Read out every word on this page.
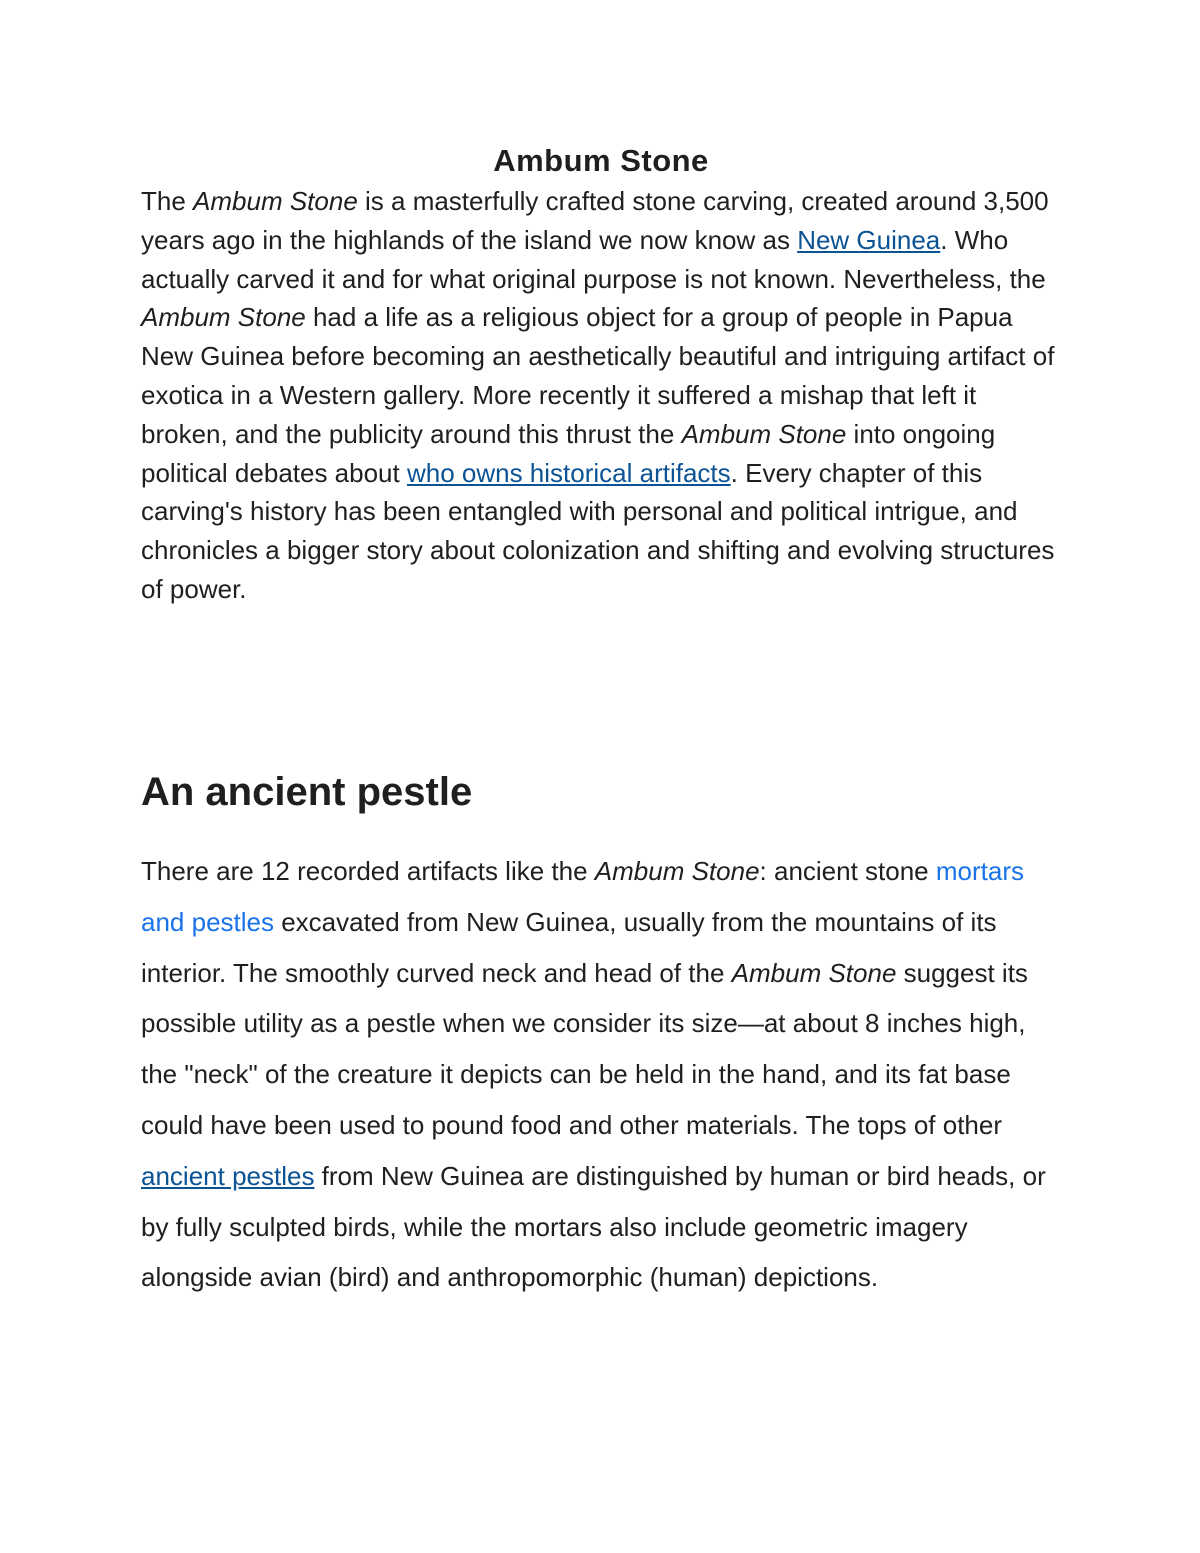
Ambum Stone

The Ambum Stone is a masterfully crafted stone carving, created around 3,500 years ago in the highlands of the island we now know as New Guinea. Who actually carved it and for what original purpose is not known. Nevertheless, the Ambum Stone had a life as a religious object for a group of people in Papua New Guinea before becoming an aesthetically beautiful and intriguing artifact of exotica in a Western gallery. More recently it suffered a mishap that left it broken, and the publicity around this thrust the Ambum Stone into ongoing political debates about who owns historical artifacts. Every chapter of this carving's history has been entangled with personal and political intrigue, and chronicles a bigger story about colonization and shifting and evolving structures of power.

An ancient pestle

There are 12 recorded artifacts like the Ambum Stone: ancient stone mortars and pestles excavated from New Guinea, usually from the mountains of its interior. The smoothly curved neck and head of the Ambum Stone suggest its possible utility as a pestle when we consider its size—at about 8 inches high, the "neck" of the creature it depicts can be held in the hand, and its fat base could have been used to pound food and other materials. The tops of other ancient pestles from New Guinea are distinguished by human or bird heads, or by fully sculpted birds, while the mortars also include geometric imagery alongside avian (bird) and anthropomorphic (human) depictions.
